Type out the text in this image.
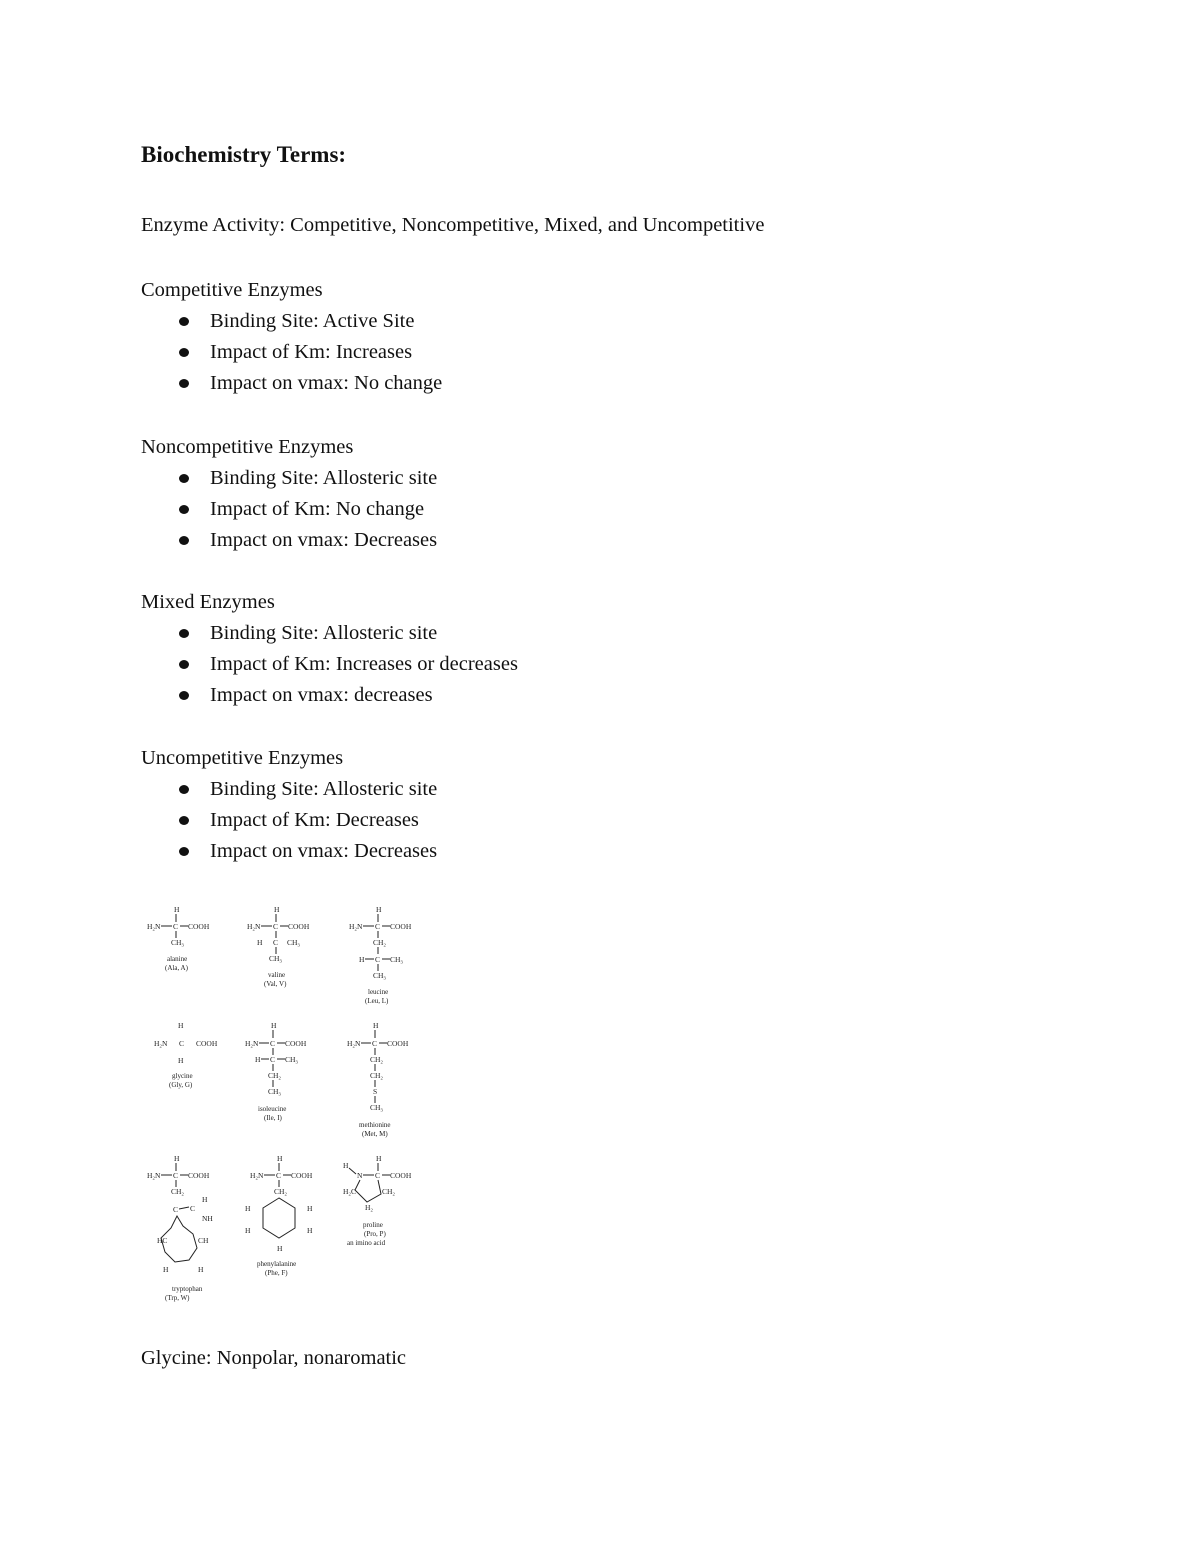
Biochemistry Terms:

Enzyme Activity: Competitive, Noncompetitive, Mixed, and Uncompetitive

Competitive Enzymes
Binding Site: Active Site
Impact of Km: Increases
Impact on vmax: No change
Noncompetitive Enzymes
Binding Site: Allosteric site
Impact of Km: No change
Impact on vmax: Decreases
Mixed Enzymes
Binding Site: Allosteric site
Impact of Km: Increases or decreases
Impact on vmax: decreases
Uncompetitive Enzymes
Binding Site: Allosteric site
Impact of Km: Decreases
Impact on vmax: Decreases
H
H₂N C COOH
CH₃
alanine
(Ala, A)
H
H₂N C COOH
H C CH₃
CH₃
valine
(Val, V)
H
H₂N C COOH
CH₂
H C CH₃
CH₃
leucine
(Leu, L)
H
H₂N C COOH
H
glycine
(Gly, G)
H
H₂N C COOH
H C CH₃
CH₂
CH₃
isoleucine
(Ile, I)
H
H₂N C COOH
CH₂
CH₂
S
CH₃
methionine
(Met, M)
H
H₂N C COOH
CH₂
H
C C
NH
HC	CH
H	H
tryptophan
(Trp, W)
H
H₂N C COOH
CH₂
H	H
H	H
H
phenylalanine
(Phe, F)
H
H
N C COOH
H₂C	CH₂
H₂
proline
(Pro, P)
an imino acid

Glycine: Nonpolar, nonaromatic
